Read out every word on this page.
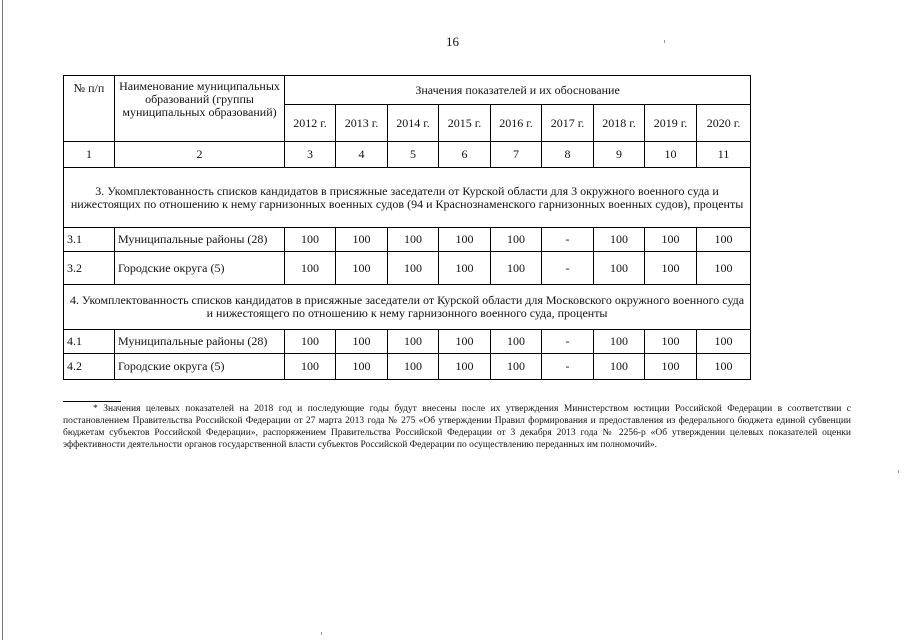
16
№ п/п	Наименование муниципальных образований (группы муниципальных образований)	Значения показателей и их обоснование								
		2012 г.	2013 г.	2014 г.	2015 г.	2016 г.	2017 г.	2018 г.	2019 г.	2020 г.
1	2	3	4	5	6	7	8	9	10	11
3. Укомплектованность списков кандидатов в присяжные заседатели от Курской области для 3 окружного военного суда и нижестоящих по отношению к нему гарнизонных военных судов (94 и Краснознаменского гарнизонных военных судов), проценты										
3.1	Муниципальные районы (28)	100	100	100	100	100	-	100	100	100
3.2	Городские округа (5)	100	100	100	100	100	-	100	100	100
4. Укомплектованность списков кандидатов в присяжные заседатели от Курской области для Московского окружного военного суда и нижестоящего по отношению к нему гарнизонного военного суда, проценты										
4.1	Муниципальные районы (28)	100	100	100	100	100	-	100	100	100
4.2	Городские округа (5)	100	100	100	100	100	-	100	100	100
* Значения целевых показателей на 2018 год и последующие годы будут внесены после их утверждения Министерством юстиции Российской Федерации в соответствии с постановлением Правительства Российской Федерации от 27 марта 2013 года № 275 «Об утверждении Правил формирования и предоставления из федерального бюджета единой субвенции бюджетам субъектов Российской Федерации», распоряжением Правительства Российской Федерации от 3 декабря 2013 года № 2256-р «Об утверждении целевых показателей оценки эффективности деятельности органов государственной власти субъектов Российской Федерации по осуществлению переданных им полномочий».
